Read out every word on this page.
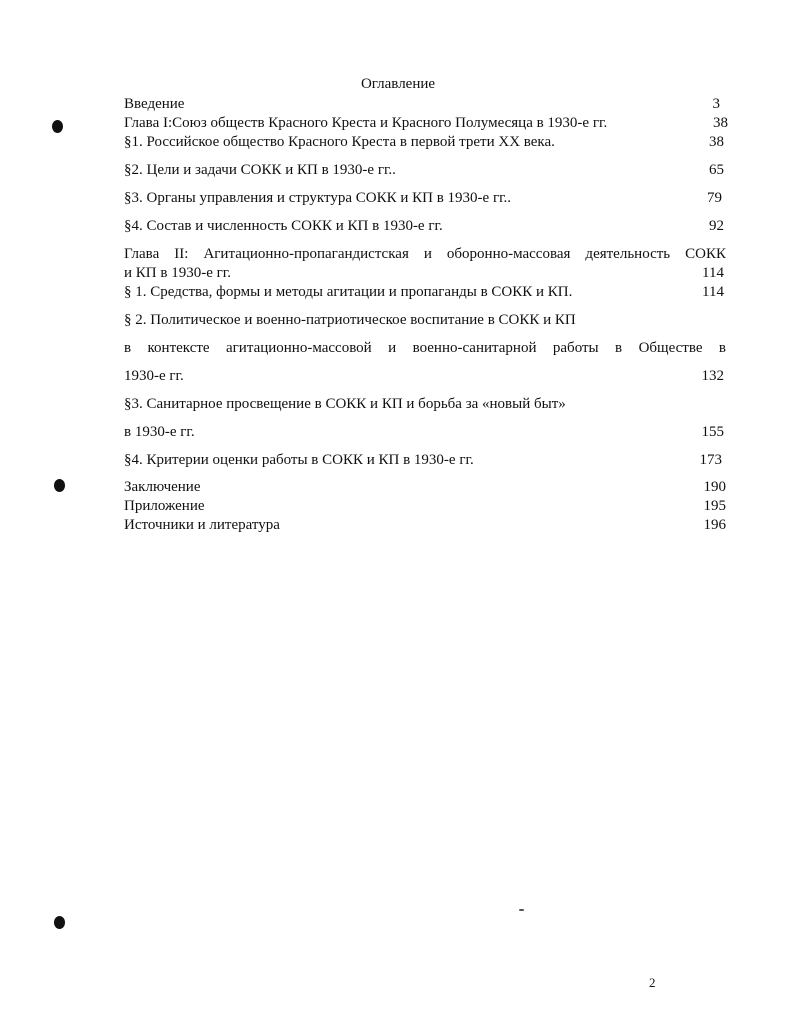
Оглавление
Введение	3
Глава I:Союз обществ Красного Креста и Красного Полумесяца в 1930-е гг.	38
§1. Российское общество Красного Креста в первой трети XX века.	38
§2. Цели и задачи СОКК и КП в 1930-е гг..	65
§3. Органы управления и структура СОКК и КП в 1930-е гг..	79
§4. Состав и численность СОКК и КП в 1930-е гг.	92
Глава II: Агитационно-пропагандистская и оборонно-массовая деятельность СОКК
и КП в 1930-е гг.	114
§ 1. Средства, формы и методы агитации и пропаганды в СОКК и КП.	114
§ 2. Политическое и военно-патриотическое воспитание в СОКК и КП
в контексте агитационно-массовой и военно-санитарной работы в Обществе в
1930-е гг.	132
§3. Санитарное просвещение в СОКК и КП и борьба за «новый быт»
в 1930-е гг.	155
§4. Критерии оценки работы в СОКК и КП в 1930-е гг.	173
Заключение	190
Приложение	195
Источники и литература	196
2
